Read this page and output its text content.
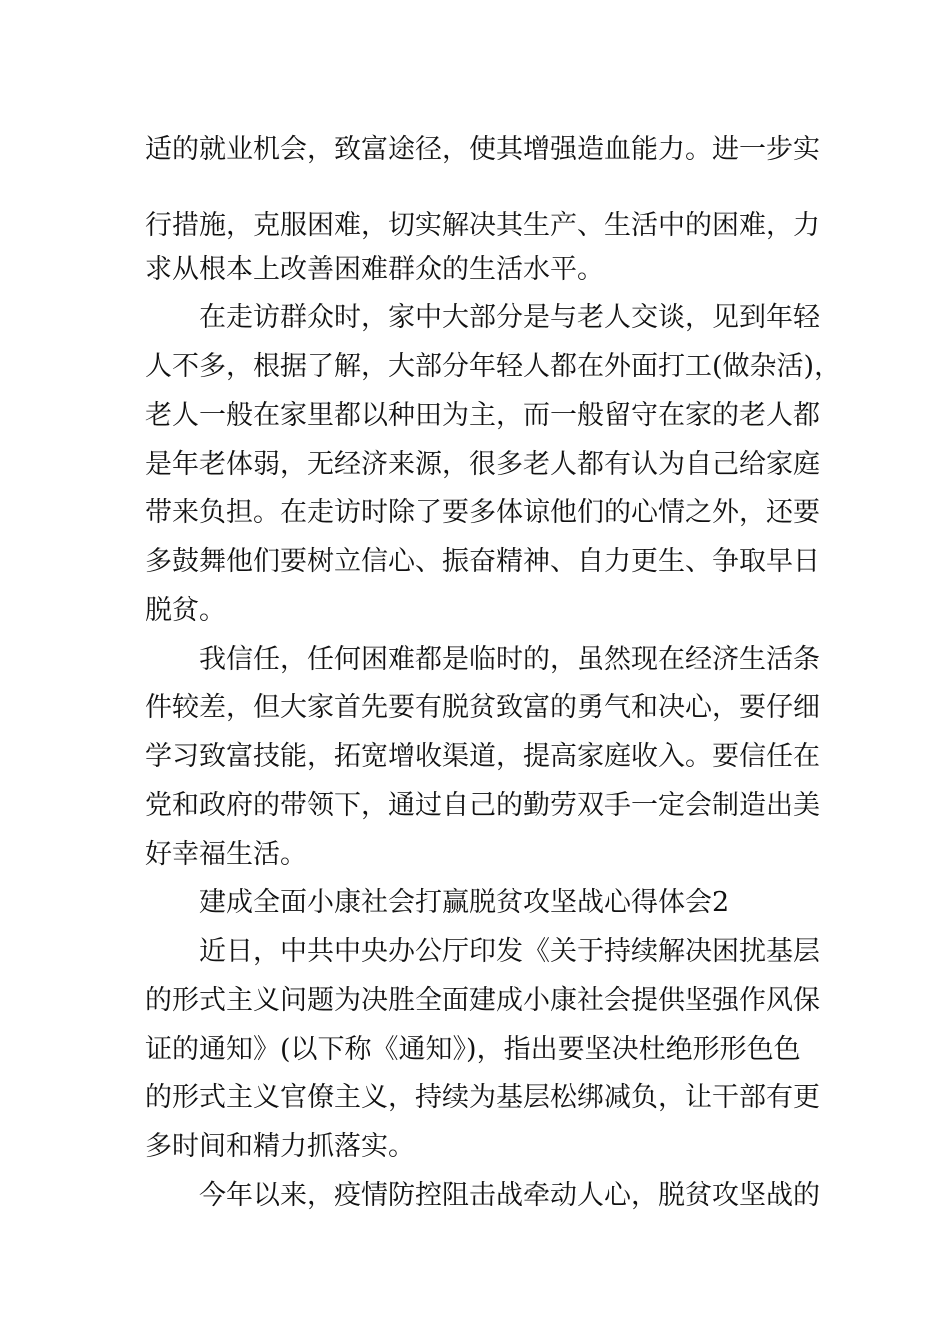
适的就业机会，致富途径，使其增强造血能力。进一步实
行措施，克服困难，切实解决其生产、生活中的困难，力
求从根本上改善困难群众的生活水平。
在走访群众时，家中大部分是与老人交谈，见到年轻
人不多，根据了解，大部分年轻人都在外面打工(做杂活)，
老人一般在家里都以种田为主，而一般留守在家的老人都
是年老体弱，无经济来源，很多老人都有认为自己给家庭
带来负担。在走访时除了要多体谅他们的心情之外，还要
多鼓舞他们要树立信心、振奋精神、自力更生、争取早日
脱贫。
我信任，任何困难都是临时的，虽然现在经济生活条
件较差，但大家首先要有脱贫致富的勇气和决心，要仔细
学习致富技能，拓宽增收渠道，提高家庭收入。要信任在
党和政府的带领下，通过自己的勤劳双手一定会制造出美
好幸福生活。
建成全面小康社会打赢脱贫攻坚战心得体会2
近日，中共中央办公厅印发《关于持续解决困扰基层
的形式主义问题为决胜全面建成小康社会提供坚强作风保
证的通知》(以下称《通知》)，指出要坚决杜绝形形色色
的形式主义官僚主义，持续为基层松绑减负，让干部有更
多时间和精力抓落实。
今年以来，疫情防控阻击战牵动人心，脱贫攻坚战的
